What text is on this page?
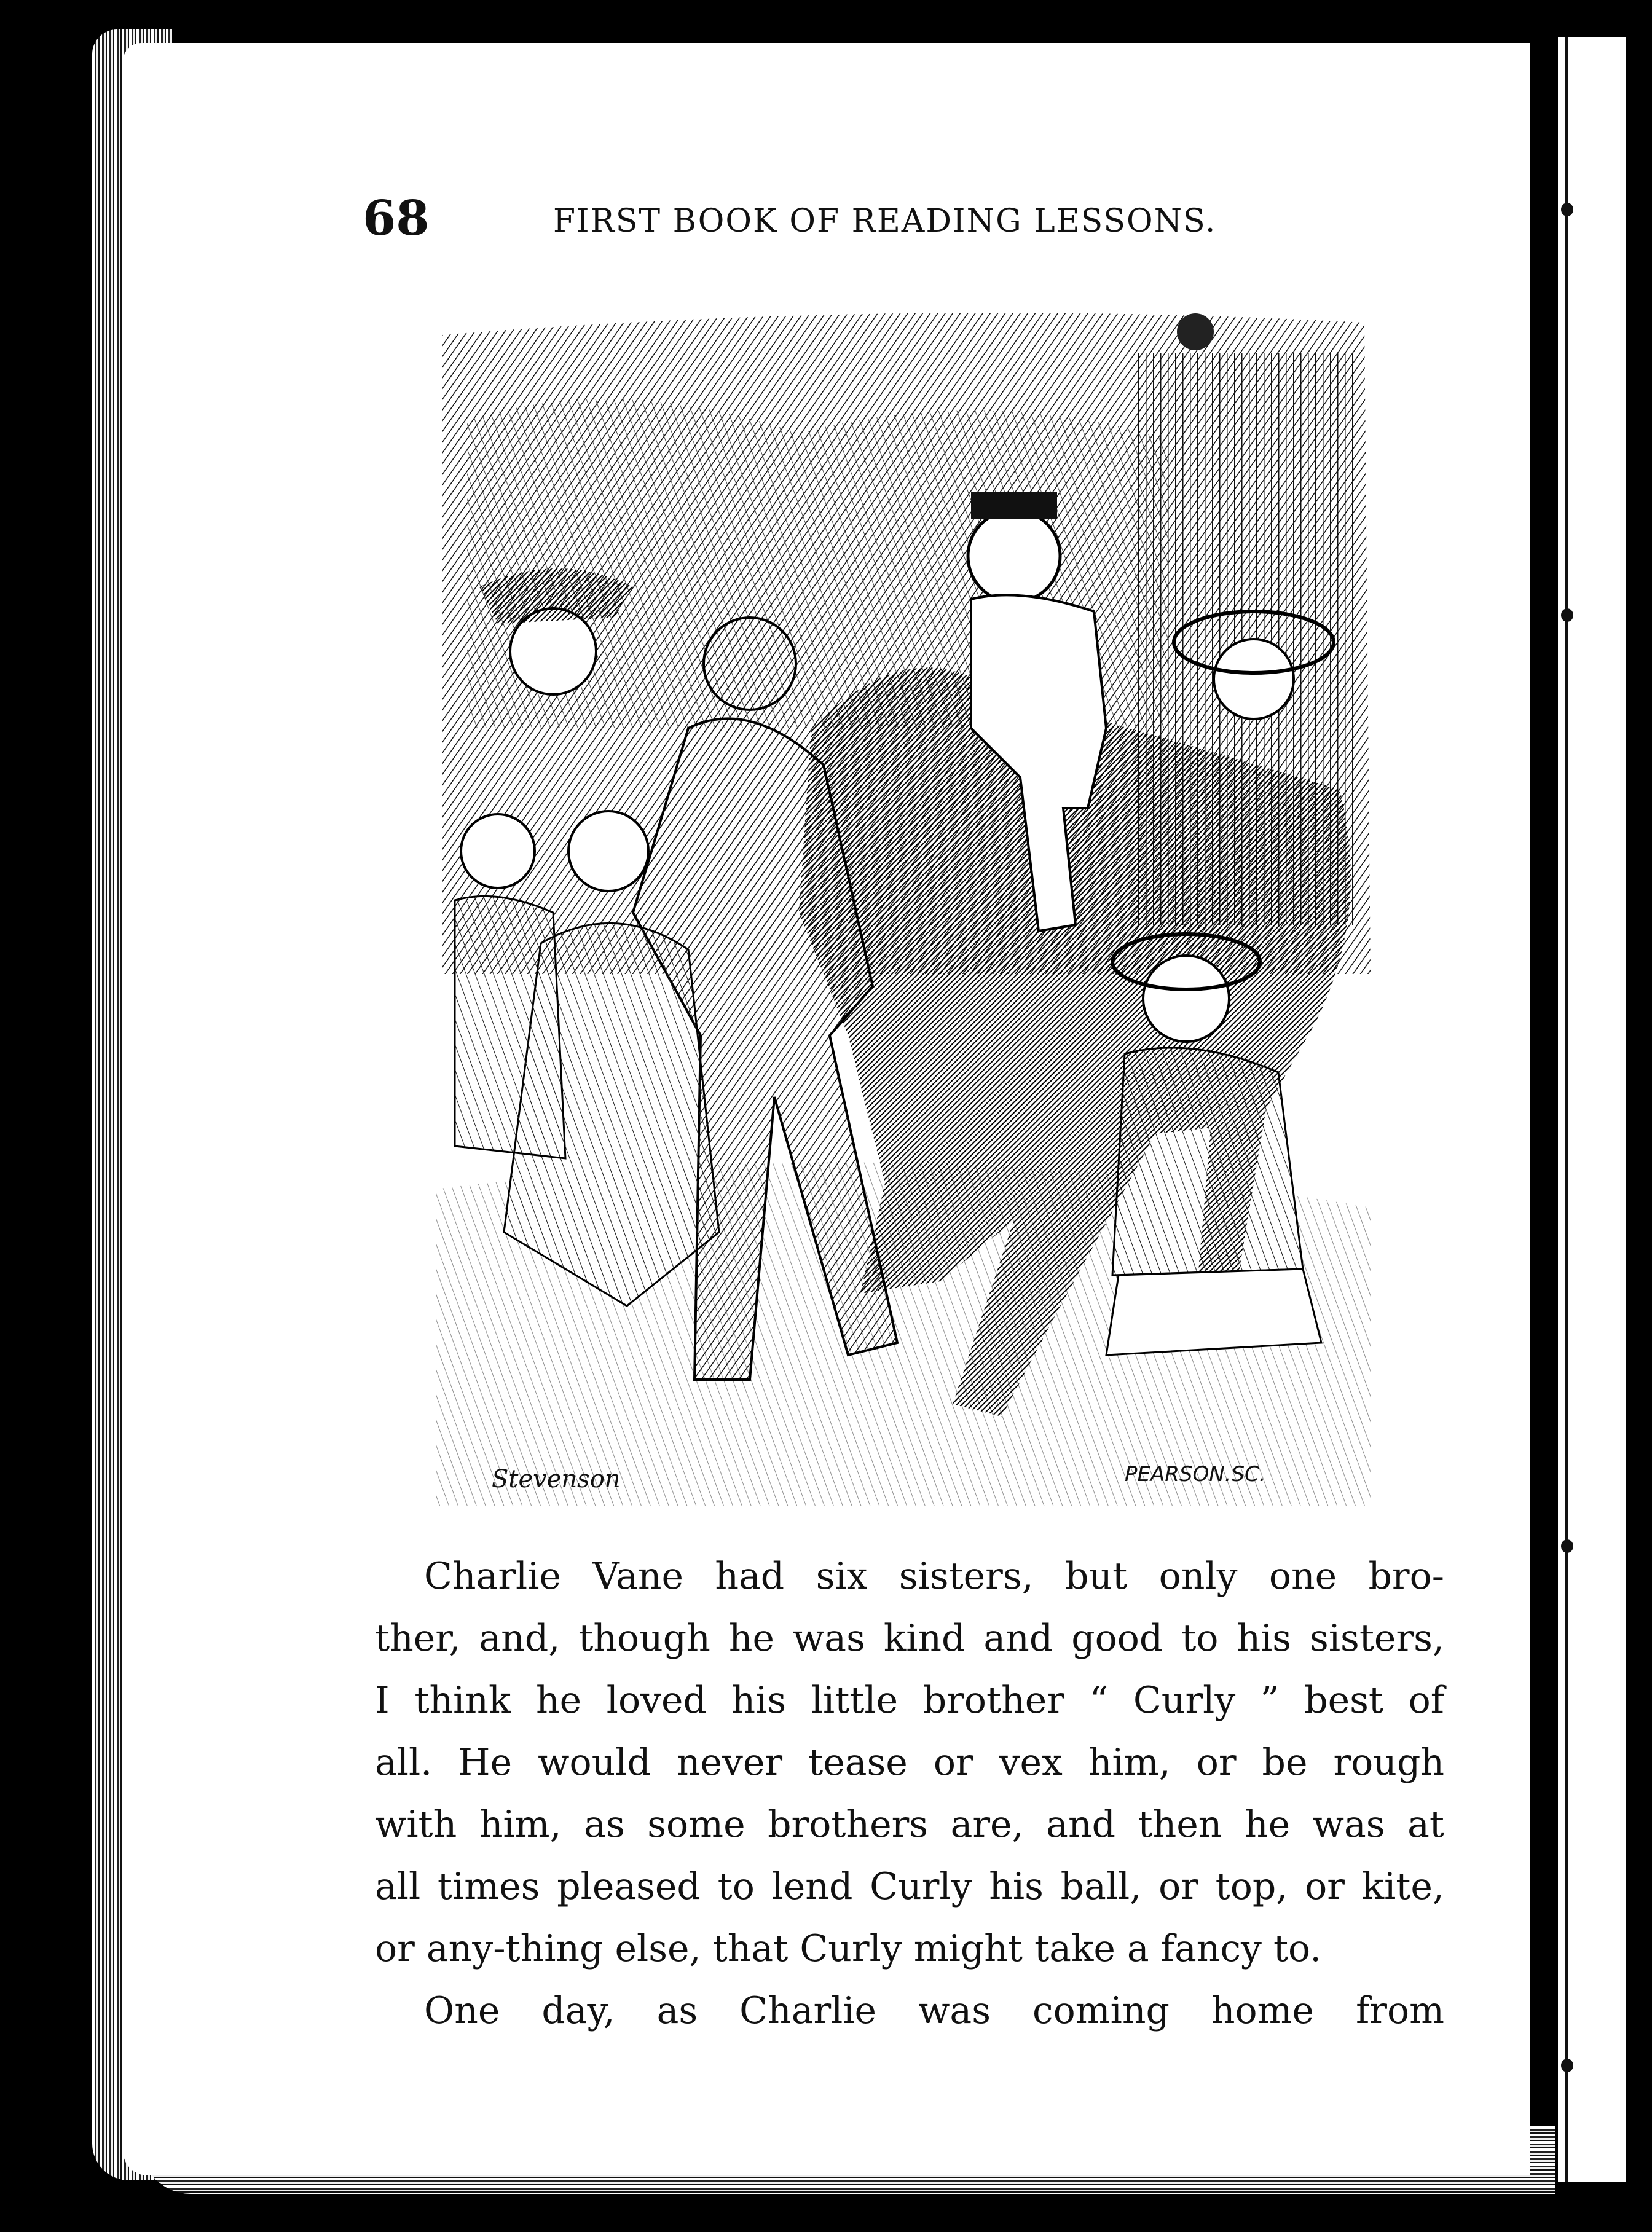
68	FIRST BOOK OF READING LESSONS.
Stevenson	PEARSON.SC.

Charlie Vane had six sisters, but only one bro-
ther, and, though he was kind and good to his sisters,
I think he loved his little brother “ Curly ” best of
all. He would never tease or vex him, or be rough
with him, as some brothers are, and then he was at
all times pleased to lend Curly his ball, or top, or kite,
or any-thing else, that Curly might take a fancy to.

One day, as Charlie was coming home from
